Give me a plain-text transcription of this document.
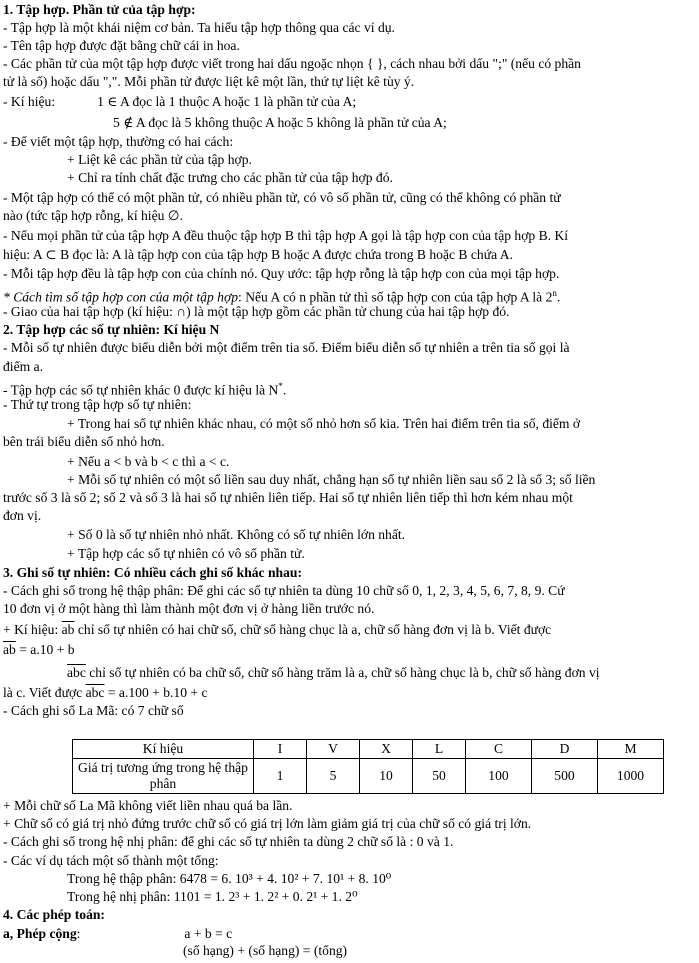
1. Tập hợp. Phần tử của tập hợp:
- Tập hợp là một khái niệm cơ bản. Ta hiểu tập hợp thông qua các ví dụ.
- Tên tập hợp được đặt bằng chữ cái in hoa.
- Các phần tử của một tập hợp được viết trong hai dấu ngoặc nhọn { }, cách nhau bởi dấu ";" (nếu có phần
tử là số) hoặc dấu ",". Mỗi phần tử được liệt kê một lần, thứ tự liệt kê tùy ý.
- Kí hiệu:	1 ∈ A đọc là 1 thuộc A hoặc 1 là phần tử của A;
5 ∉ A đọc là 5 không thuộc A hoặc 5 không là phần tử của A;
- Để viết một tập hợp, thường có hai cách:
+ Liệt kê các phần tử của tập hợp.
+ Chỉ ra tính chất đặc trưng cho các phần tử của tập hợp đó.
- Một tập hợp có thể có một phần tử, có nhiều phần tử, có vô số phần tử, cũng có thể không có phần tử
nào (tức tập hợp rỗng, kí hiệu ∅.
- Nếu mọi phần tử của tập hợp A đều thuộc tập hợp B thì tập hợp A gọi là tập hợp con của tập hợp B. Kí
hiệu: A ⊂ B đọc là: A là tập hợp con của tập hợp B hoặc A được chứa trong B hoặc B chứa A.
- Mỗi tập hợp đều là tập hợp con của chính nó. Quy ước: tập hợp rỗng là tập hợp con của mọi tập hợp.
* Cách tìm số tập hợp con của một tập hợp: Nếu A có n phần tử thì số tập hợp con của tập hợp A là 2$^n$.
- Giao của hai tập hợp (kí hiệu: ∩) là một tập hợp gồm các phần tử chung của hai tập hợp đó.
2. Tập hợp các số tự nhiên: Kí hiệu N
- Mỗi số tự nhiên được biểu diễn bởi một điểm trên tia số. Điểm biểu diễn số tự nhiên a trên tia số gọi là
điểm a.
- Tập hợp các số tự nhiên khác 0 được kí hiệu là N*.
- Thứ tự trong tập hợp số tự nhiên:
+ Trong hai số tự nhiên khác nhau, có một số nhỏ hơn số kia. Trên hai điểm trên tia số, điểm ở
bên trái biểu diễn số nhỏ hơn.
+ Nếu a < b và b < c thì a < c.
+ Mỗi số tự nhiên có một số liền sau duy nhất, chẳng hạn số tự nhiên liền sau số 2 là số 3; số liền
trước số 3 là số 2; số 2 và số 3 là hai số tự nhiên liên tiếp. Hai số tự nhiên liên tiếp thì hơn kém nhau một
đơn vị.
+ Số 0 là số tự nhiên nhỏ nhất. Không có số tự nhiên lớn nhất.
+ Tập hợp các số tự nhiên có vô số phần tử.
3. Ghi số tự nhiên: Có nhiều cách ghi số khác nhau:
- Cách ghi số trong hệ thập phân: Để ghi các số tự nhiên ta dùng 10 chữ số 0, 1, 2, 3, 4, 5, 6, 7, 8, 9. Cứ
10 đơn vị ở một hàng thì làm thành một đơn vị ở hàng liền trước nó.
+ Kí hiệu: $\overline{ab}$ chỉ số tự nhiên có hai chữ số, chữ số hàng chục là a, chữ số hàng đơn vị là b. Viết được
$\overline{ab} = a.10 + b$
$\overline{abc}$ chỉ số tự nhiên có ba chữ số, chữ số hàng trăm là a, chữ số hàng chục là b, chữ số hàng đơn vị
là c. Viết được $\overline{abc} = a.100 + b.10 + c$
- Cách ghi số La Mã: có 7 chữ số
+ Mỗi chữ số La Mã không viết liền nhau quá ba lần.
+ Chữ số có giá trị nhỏ đứng trước chữ số có giá trị lớn làm giảm giá trị của chữ số có giá trị lớn.
- Cách ghi số trong hệ nhị phân: để ghi các số tự nhiên ta dùng 2 chữ số là : 0 và 1.
- Các ví dụ tách một số thành một tổng:
Trong hệ thập phân: 6478 = 6. 10³ + 4. 10² + 7. 10¹ + 8. 10⁰
Trong hệ nhị phân: 1101 = 1. 2³ + 1. 2² + 0. 2¹ + 1. 2⁰
4. Các phép toán:
a, Phép cộng:	a + b = c
(số hạng) + (số hạng) = (tổng)
Kí hiệu	I	V	X	L	C	D	M
Giá trị tương ứng trong hệ thập phân	1	5	10	50	100	500	1000
